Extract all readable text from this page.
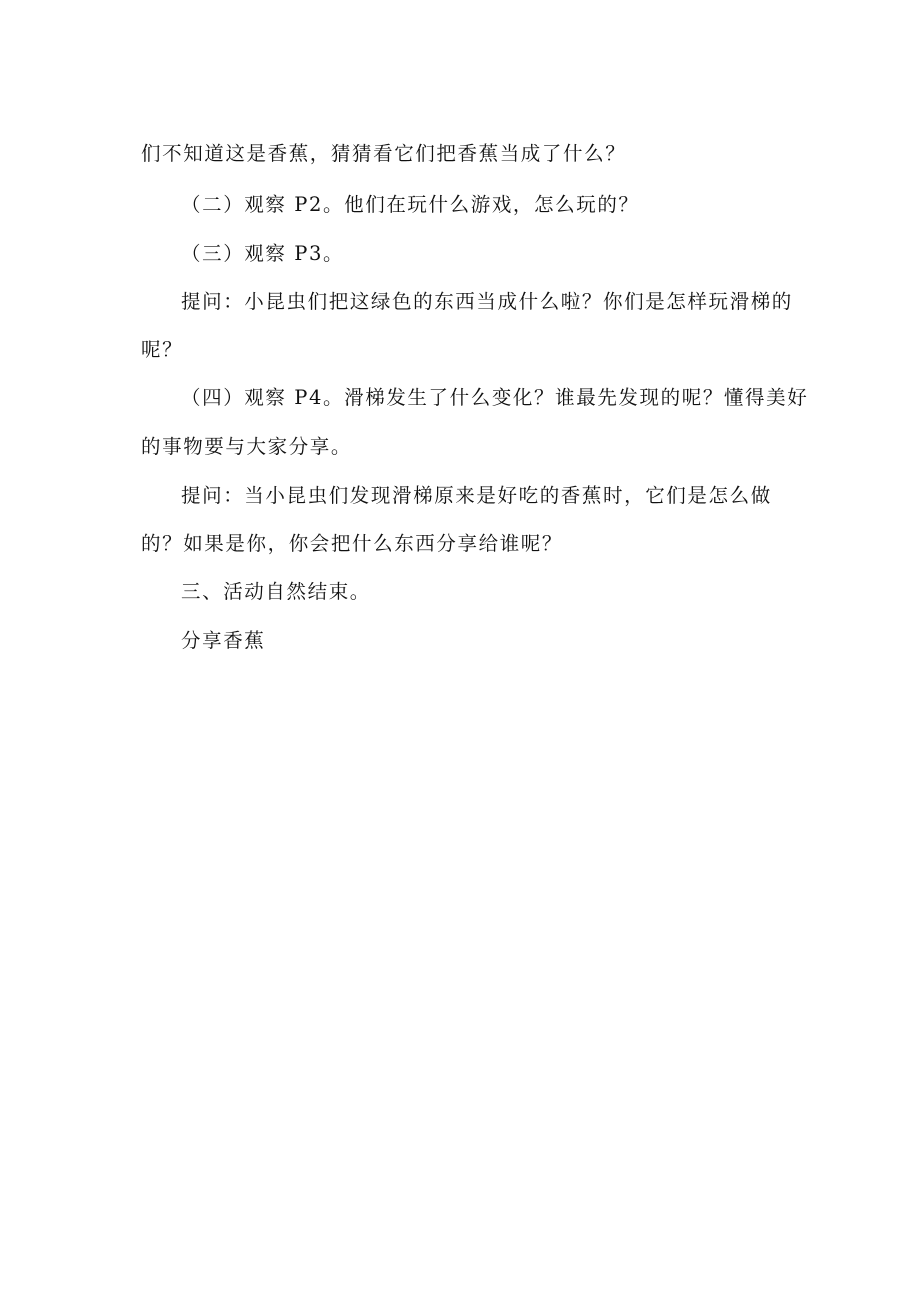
们不知道这是香蕉，猜猜看它们把香蕉当成了什么？
（二）观察 P2。他们在玩什么游戏，怎么玩的？
（三）观察 P3。
提问：小昆虫们把这绿色的东西当成什么啦？你们是怎样玩滑梯的
呢？
（四）观察 P4。滑梯发生了什么变化？谁最先发现的呢？懂得美好
的事物要与大家分享。
提问：当小昆虫们发现滑梯原来是好吃的香蕉时，它们是怎么做
的？如果是你，你会把什么东西分享给谁呢？
三、活动自然结束。
分享香蕉
